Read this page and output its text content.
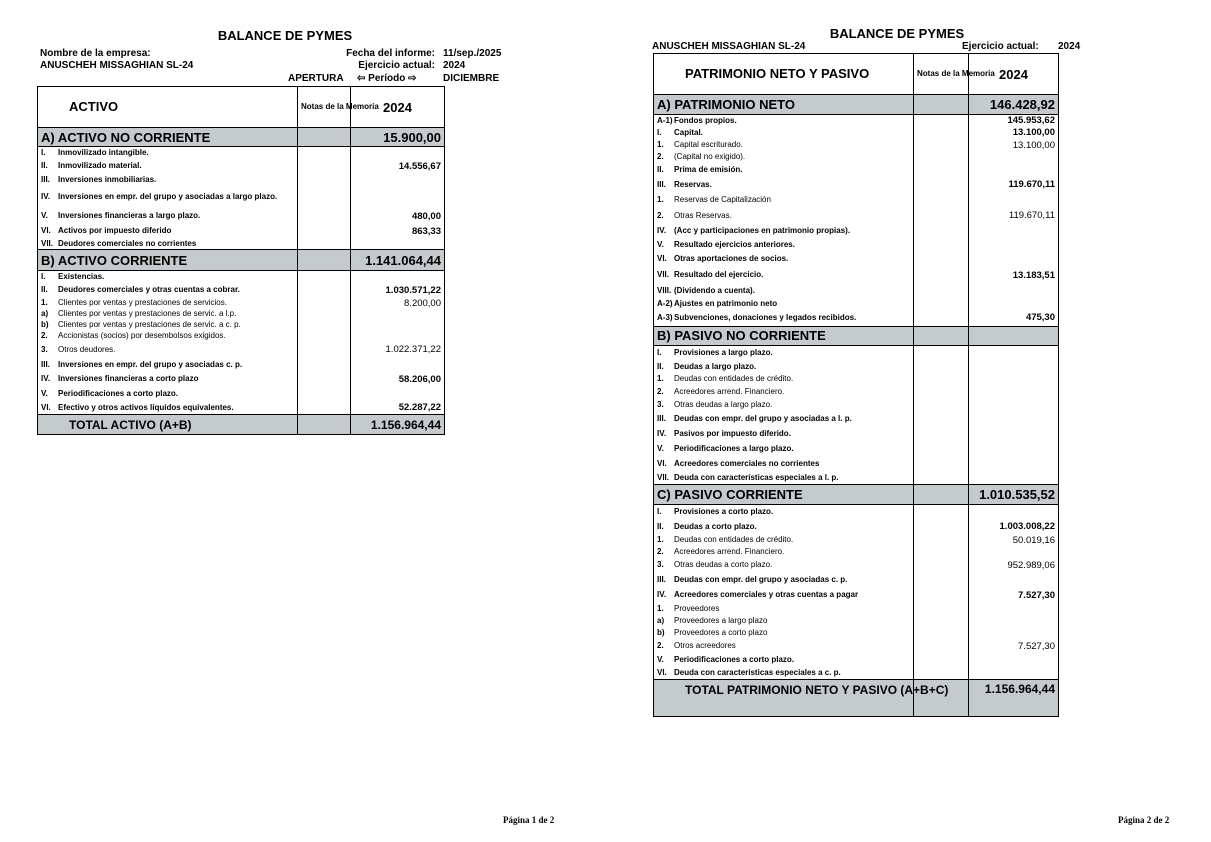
BALANCE DE PYMES
Nombre de la empresa:
ANUSCHEH MISSAGHIAN SL-24
Fecha del informe: 11/sep./2025
Ejercicio actual: 2024
APERTURA ⇦ Período ⇨	DICIEMBRE
ACTIVO	Notas de la Memoria	2024

A) ACTIVO NO CORRIENTE		15.900,00

I. Inmovilizado intangible.		

II. Inmovilizado material.		14.556,67

III. Inversiones inmobiliarias.		

IV. Inversiones en empr. del grupo y asociadas a largo plazo.		

V. Inversiones financieras a largo plazo.		480,00

VI. Activos por impuesto diferido		863,33

VII. Deudores comerciales no corrientes		

B) ACTIVO CORRIENTE		1.141.064,44

I. Existencias.		

II. Deudores comerciales y otras cuentas a cobrar.		1.030.571,22

1. Clientes por ventas y prestaciones de servicios.		8.200,00

a) Clientes por ventas y prestaciones de servic. a l.p.		

b) Clientes por ventas y prestaciones de servic. a c. p.		

2. Accionistas (socios) por desembolsos exigidos.		

3. Otros deudores.		1.022.371,22

III. Inversiones en empr. del grupo y asociadas c. p.		

IV. Inversiones financieras a corto plazo		58.206,00

V. Periodificaciones a corto plazo.		

VI. Efectivo y otros activos líquidos equivalentes.		52.287,22
TOTAL ACTIVO (A+B)		1.156.964,44
Página 1 de 2
BALANCE DE PYMES
ANUSCHEH MISSAGHIAN SL-24	Ejercicio actual: 2024
PATRIMONIO NETO Y PASIVO	Notas de la Memoria	2024

A) PATRIMONIO NETO		146.428,92

A-1) Fondos propios.		145.953,62

I. Capital.		13.100,00

1. Capital escriturado.		13.100,00

2. (Capital no exigido).		

II. Prima de emisión.		

III. Reservas.		119.670,11

1. Reservas de Capitalización		

2. Otras Reservas.		119.670,11

IV. (Acc y participaciones en patrimonio propias).		

V. Resultado ejercicios anteriores.		

VI. Otras aportaciones de socios.		

VII. Resultado del ejercicio.		13.183,51

VIII. (Dividendo a cuenta).		

A-2) Ajustes en patrimonio neto		

A-3) Subvenciones, donaciones y legados recibidos.		475,30
B) PASIVO NO CORRIENTE		

I. Provisiones a largo plazo.		

II. Deudas a largo plazo.		

1. Deudas con entidades de crédito.		

2. Acreedores arrend. Financiero.		

3. Otras deudas a largo plazo.		

III. Deudas con empr. del grupo y asociadas a l. p.		

IV. Pasivos por impuesto diferido.		

V. Periodificaciones a largo plazo.		

VI. Acreedores comerciales no corrientes		

VII. Deuda con características especiales a l. p.		

C) PASIVO CORRIENTE		1.010.535,52

I. Provisiones a corto plazo.		

II. Deudas a corto plazo.		1.003.008,22

1. Deudas con entidades de crédito.		50.019,16

2. Acreedores arrend. Financiero.		

3. Otras deudas a corto plazo.		952.989,06

III. Deudas con empr. del grupo y asociadas c. p.		

IV. Acreedores comerciales y otras cuentas a pagar		7.527,30

1. Proveedores		

a) Proveedores a largo plazo		

b) Proveedores a corto plazo		

2. Otros acreedores		7.527,30

V. Periodificaciones a corto plazo.		

VI. Deuda con características especiales a c. p.		

TOTAL PATRIMONIO NETO Y PASIVO (A+B+C)		1.156.964,44
Página 2 de 2
